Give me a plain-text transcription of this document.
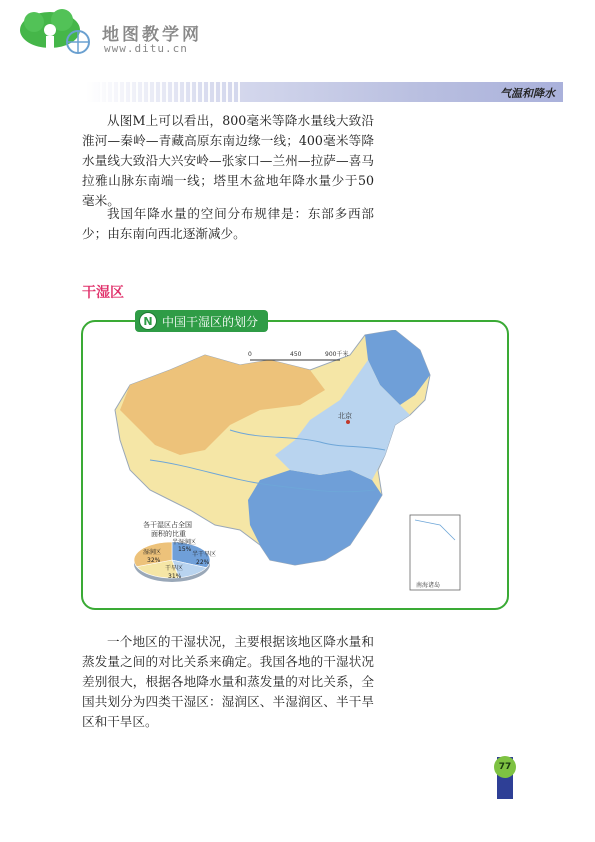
地图教学网
www.ditu.cn
气温和降水

从图M上可以看出，800毫米等降水量线大致沿淮河—秦岭—青藏高原东南边缘一线；400毫米等降水量线大致沿大兴安岭—张家口—兰州—拉萨—喜马拉雅山脉东南端一线；塔里木盆地年降水量少于50毫米。

我国年降水量的空间分布规律是：东部多西部少；由东南向西北逐渐减少。

干湿区
N 中国干湿区的划分
0	450	900千米
北京
南海诸岛
各干湿区占全国
面积的比重
湿润区
32%
半湿润区
15%
半干旱区
22%
干旱区
31%

一个地区的干湿状况，主要根据该地区降水量和蒸发量之间的对比关系来确定。我国各地的干湿状况差别很大，根据各地降水量和蒸发量的对比关系，全国共划分为四类干湿区：湿润区、半湿润区、半干旱区和干旱区。

77
